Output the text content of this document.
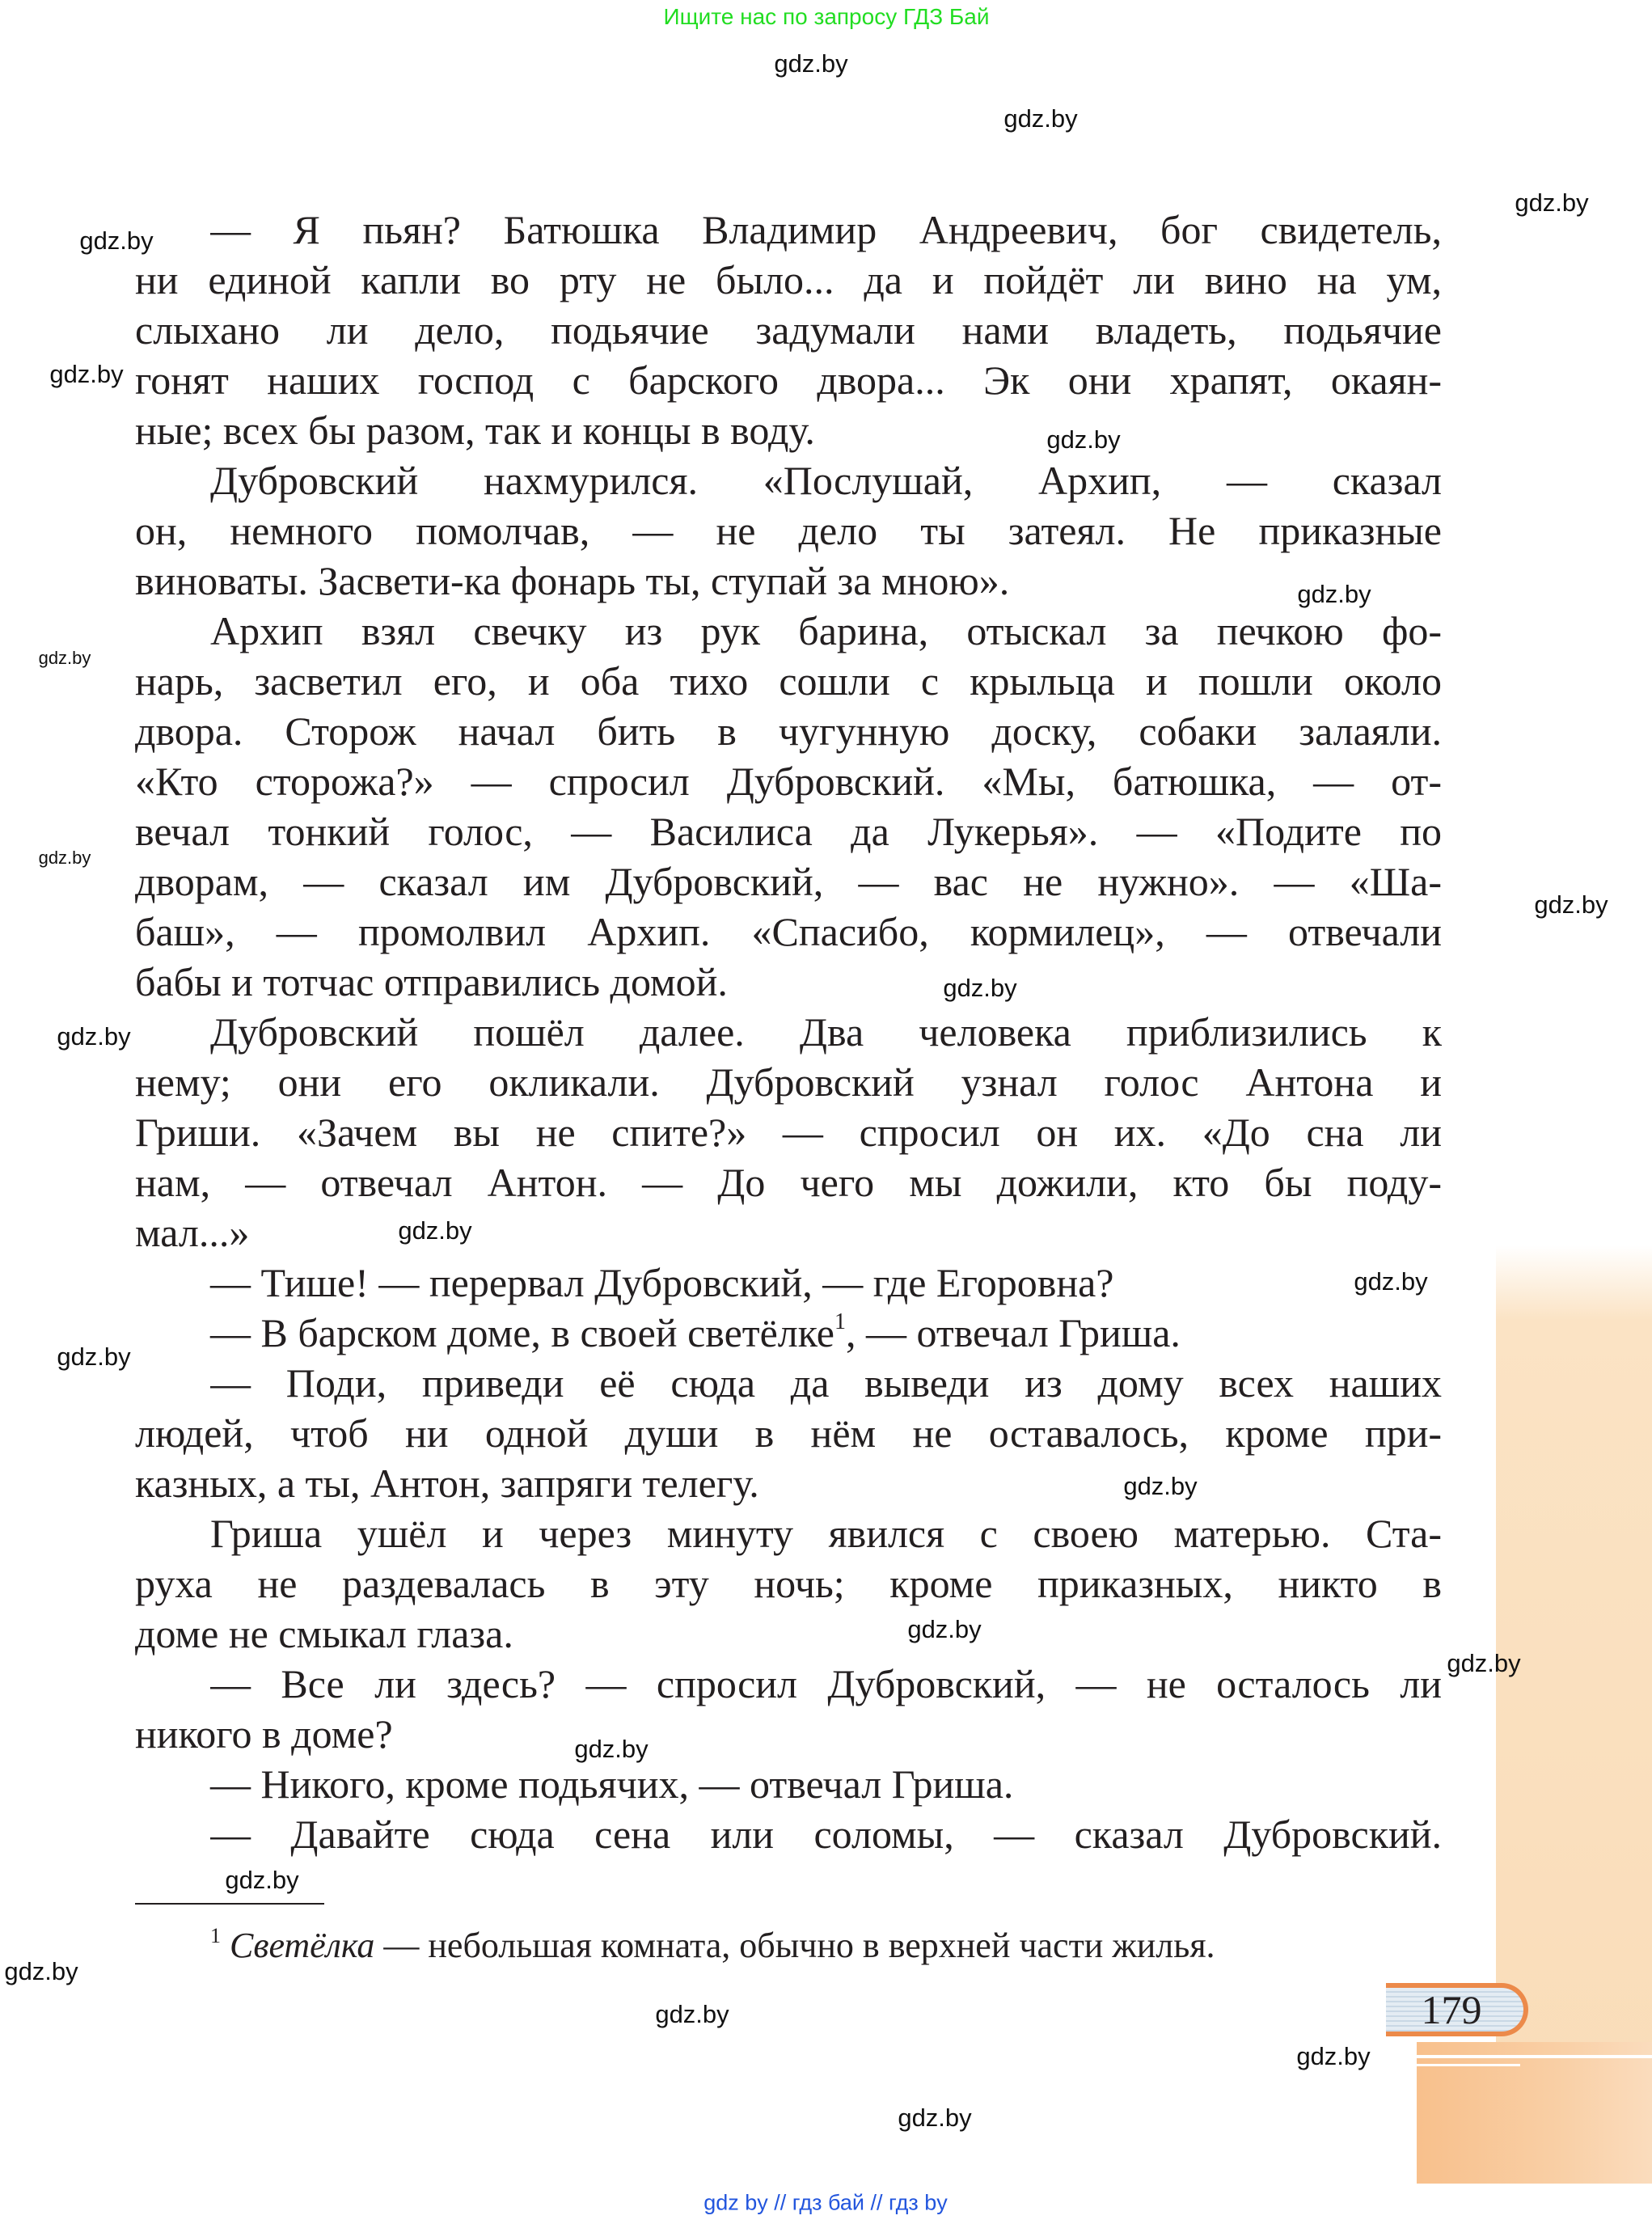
Ищите нас по запросу ГДЗ Бай
— Я пьян? Батюшка Владимир Андреевич, бог свидетель,
ни единой капли во рту не было... да и пойдёт ли вино на ум,
слыхано ли дело, подьячие задумали нами владеть, подьячие
гонят наших господ с барского двора... Эк они храпят, окаян-
ные; всех бы разом, так и концы в воду.
Дубровский нахмурился. «Послушай, Архип, — сказал
он, немного помолчав, — не дело ты затеял. Не приказные
виноваты. Засвети-ка фонарь ты, ступай за мною».
Архип взял свечку из рук барина, отыскал за печкою фо-
нарь, засветил его, и оба тихо сошли с крыльца и пошли около
двора. Сторож начал бить в чугунную доску, собаки залаяли.
«Кто сторожа?» — спросил Дубровский. «Мы, батюшка, — от-
вечал тонкий голос, — Василиса да Лукерья». — «Подите по
дворам, — сказал им Дубровский, — вас не нужно». — «Ша-
баш», — промолвил Архип. «Спасибо, кормилец», — отвечали
бабы и тотчас отправились домой.
Дубровский пошёл далее. Два человека приблизились к
нему; они его окликали. Дубровский узнал голос Антона и
Гриши. «Зачем вы не спите?» — спросил он их. «До сна ли
нам, — отвечал Антон. — До чего мы дожили, кто бы поду-
мал...»
— Тише! — перервал Дубровский, — где Егоровна?
— В барском доме, в своей светёлке$^1$, — отвечал Гриша.
— Поди, приведи её сюда да выведи из дому всех наших
людей, чтоб ни одной души в нём не оставалось, кроме при-
казных, а ты, Антон, запряги телегу.
Гриша ушёл и через минуту явился с своею матерью. Ста-
руха не раздевалась в эту ночь; кроме приказных, никто в
доме не смыкал глаза.
— Все ли здесь? — спросил Дубровский, — не осталось ли
никого в доме?
— Никого, кроме подьячих, — отвечал Гриша.
— Давайте сюда сена или соломы, — сказал Дубровский.
$^1$ Светёлка — небольшая комната, обычно в верхней части жилья.
179
gdz.by
gdz.by
gdz.by
gdz.by
gdz.by
gdz.by
gdz.by
gdz.by
gdz.by
gdz.by
gdz.by
gdz.by
gdz.by
gdz.by
gdz.by
gdz.by
gdz.by
gdz.by
gdz.by
gdz.by
gdz.by
gdz.by
gdz.by
gdz.by
gdz by // гдз бай // гдз by
